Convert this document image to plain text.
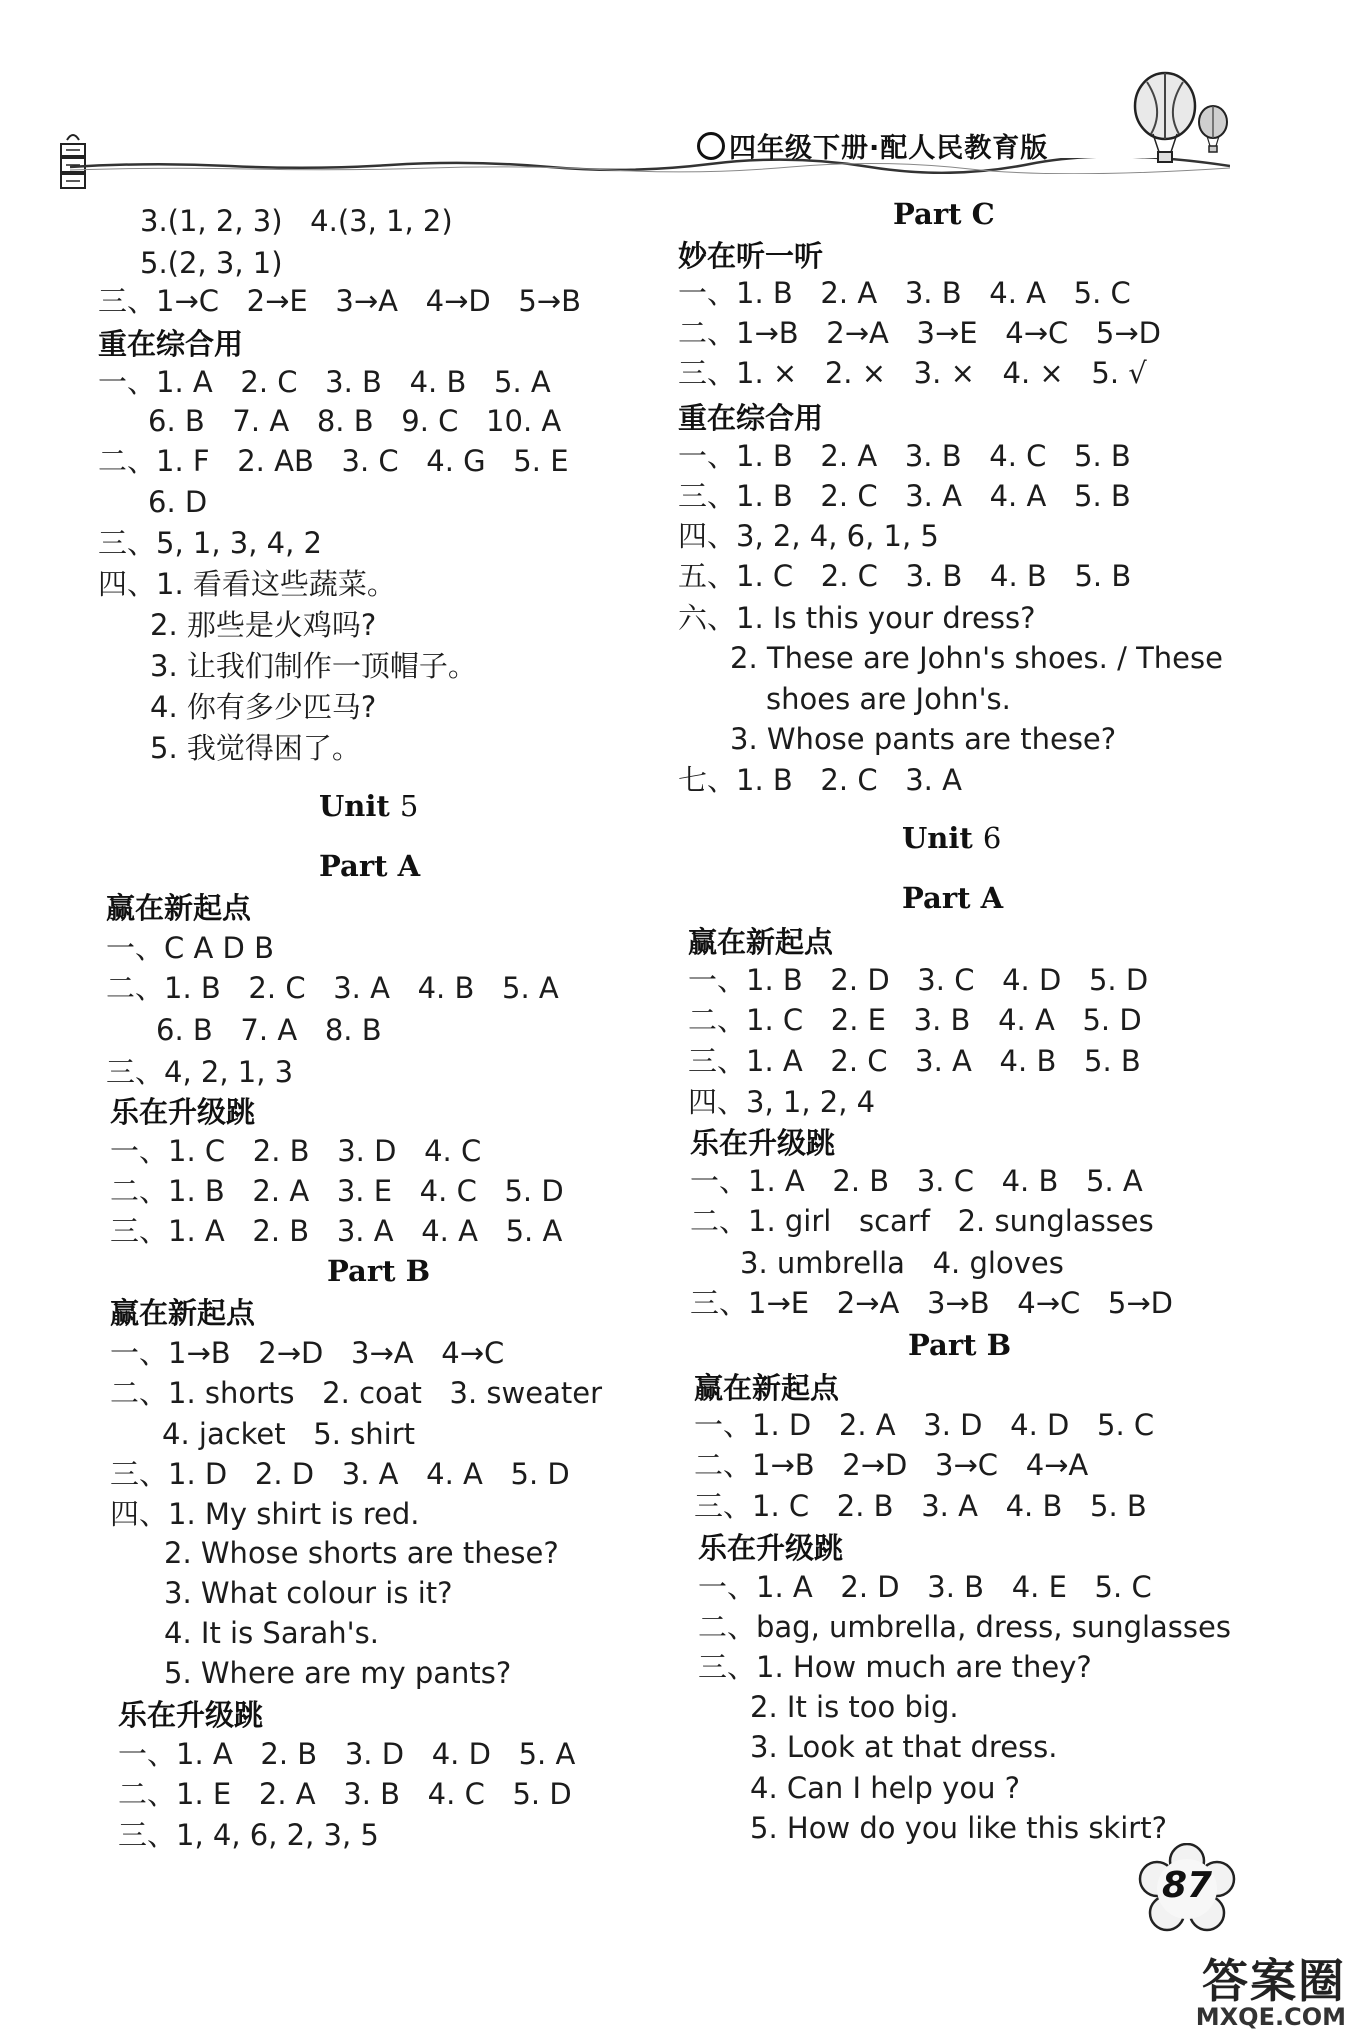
四年级下册·配人民教育版
3.(1, 2, 3)   4.(3, 1, 2)
5.(2, 3, 1)
三、1→C   2→E   3→A   4→D   5→B
重在综合用
一、1. A   2. C   3. B   4. B   5. A
6. B   7. A   8. B   9. C   10. A
二、1. F   2. AB   3. C   4. G   5. E
6. D
三、5, 1, 3, 4, 2
四、1. 看看这些蔬菜。
2. 那些是火鸡吗?
3. 让我们制作一顶帽子。
4. 你有多少匹马?
5. 我觉得困了。
Unit 5
Part A
赢在新起点
一、C A D B
二、1. B   2. C   3. A   4. B   5. A
6. B   7. A   8. B
三、4, 2, 1, 3
乐在升级跳
一、1. C   2. B   3. D   4. C
二、1. B   2. A   3. E   4. C   5. D
三、1. A   2. B   3. A   4. A   5. A
Part B
赢在新起点
一、1→B   2→D   3→A   4→C
二、1. shorts   2. coat   3. sweater
4. jacket   5. shirt
三、1. D   2. D   3. A   4. A   5. D
四、1. My shirt is red.
2. Whose shorts are these?
3. What colour is it?
4. It is Sarah's.
5. Where are my pants?
乐在升级跳
一、1. A   2. B   3. D   4. D   5. A
二、1. E   2. A   3. B   4. C   5. D
三、1, 4, 6, 2, 3, 5
Part C
妙在听一听
一、1. B   2. A   3. B   4. A   5. C
二、1→B   2→A   3→E   4→C   5→D
三、1. ×   2. ×   3. ×   4. ×   5. √
重在综合用
一、1. B   2. A   3. B   4. C   5. B
三、1. B   2. C   3. A   4. A   5. B
四、3, 2, 4, 6, 1, 5
五、1. C   2. C   3. B   4. B   5. B
六、1. Is this your dress?
2. These are John's shoes. / These
shoes are John's.
3. Whose pants are these?
七、1. B   2. C   3. A
Unit 6
Part A
赢在新起点
一、1. B   2. D   3. C   4. D   5. D
二、1. C   2. E   3. B   4. A   5. D
三、1. A   2. C   3. A   4. B   5. B
四、3, 1, 2, 4
乐在升级跳
一、1. A   2. B   3. C   4. B   5. A
二、1. girl   scarf   2. sunglasses
3. umbrella   4. gloves
三、1→E   2→A   3→B   4→C   5→D
Part B
赢在新起点
一、1. D   2. A   3. D   4. D   5. C
二、1→B   2→D   3→C   4→A
三、1. C   2. B   3. A   4. B   5. B
乐在升级跳
一、1. A   2. D   3. B   4. E   5. C
二、bag, umbrella, dress, sunglasses
三、1. How much are they?
2. It is too big.
3. Look at that dress.
4. Can I help you ?
5. How do you like this skirt?
87
答案圈
MXQE.COM
